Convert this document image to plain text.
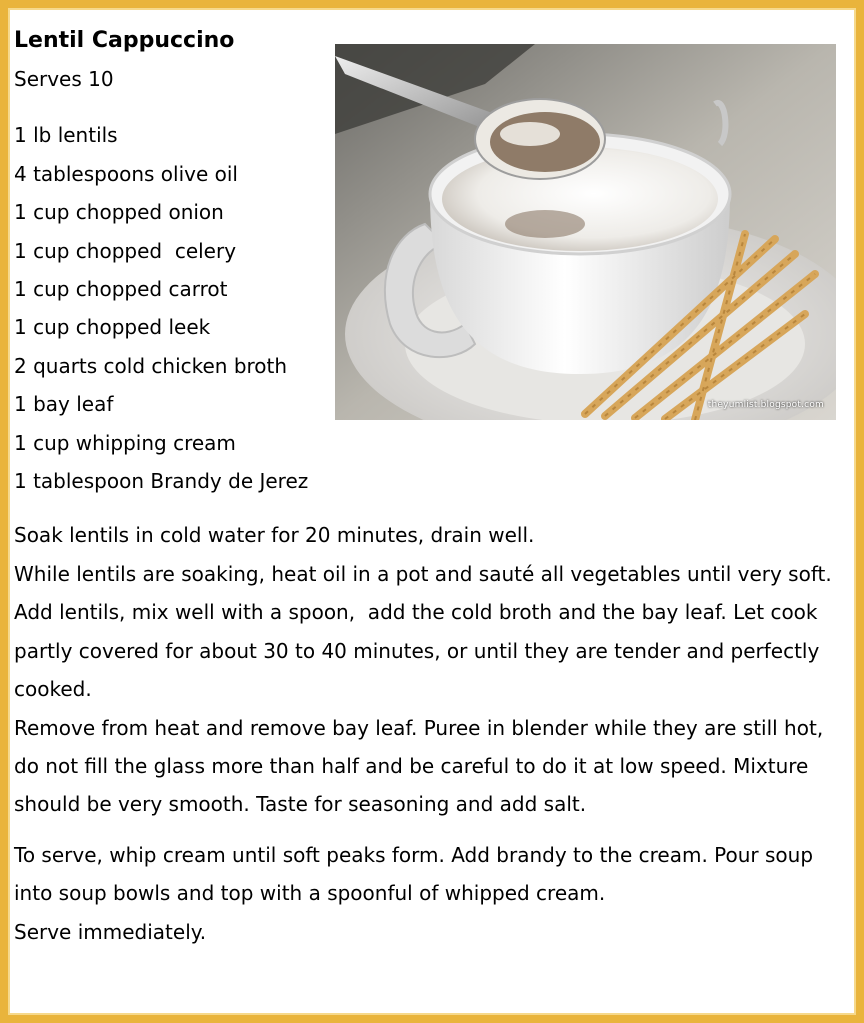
Lentil Cappuccino

Serves 10

1 lb lentils
4 tablespoons olive oil
1 cup chopped onion
1 cup chopped  celery
1 cup chopped carrot
1 cup chopped leek
2 quarts cold chicken broth
1 bay leaf
1 cup whipping cream
1 tablespoon Brandy de Jerez

Soak lentils in cold water for 20 minutes, drain well.

While lentils are soaking, heat oil in a pot and sauté all vegetables until very soft.

Add lentils, mix well with a spoon,  add the cold broth and the bay leaf. Let cook partly covered for about 30 to 40 minutes, or until they are tender and perfectly cooked.

Remove from heat and remove bay leaf. Puree in blender while they are still hot, do not fill the glass more than half and be careful to do it at low speed. Mixture should be very smooth. Taste for seasoning and add salt.

To serve, whip cream until soft peaks form. Add brandy to the cream. Pour soup into soup bowls and top with a spoonful of whipped cream.

Serve immediately.

theyumlist.blogspot.com
